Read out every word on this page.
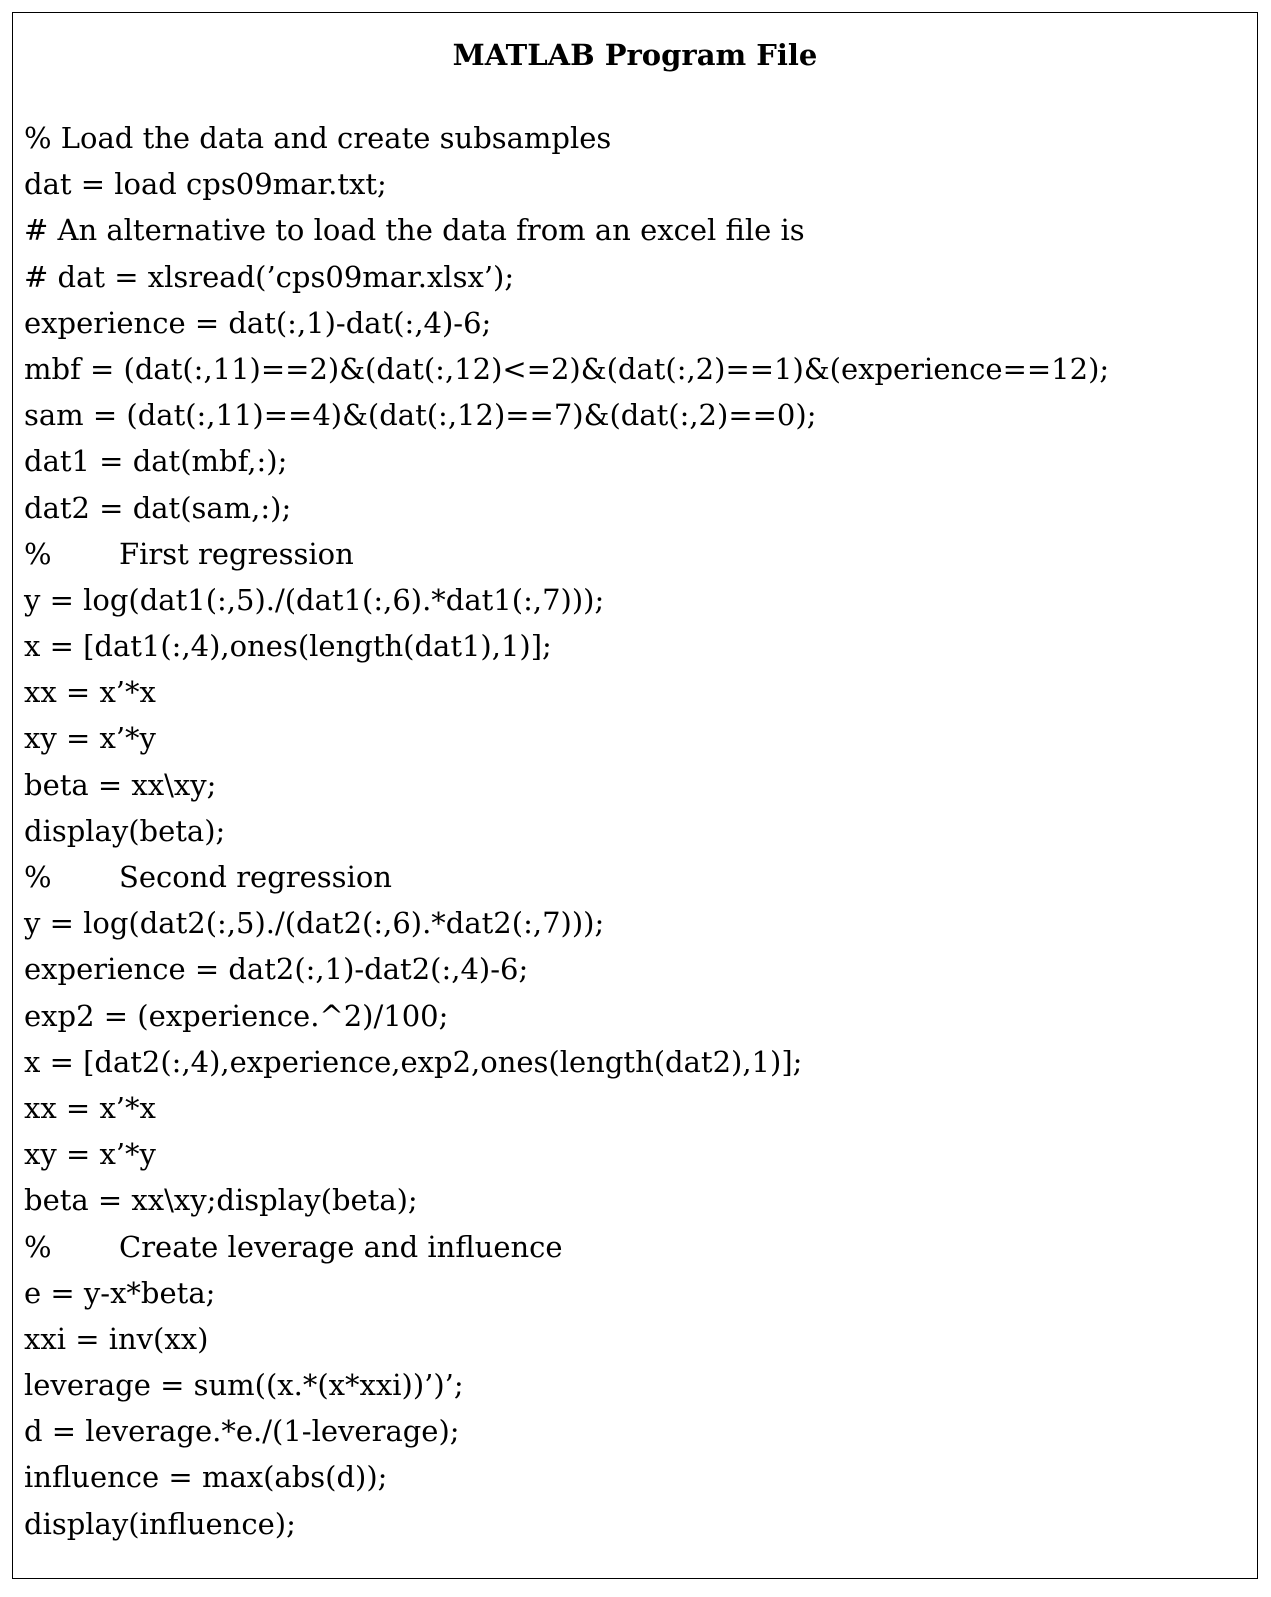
MATLAB Program File
% Load the data and create subsamples
dat = load cps09mar.txt;
# An alternative to load the data from an excel file is
# dat = xlsread(’cps09mar.xlsx’);
experience = dat(:,1)-dat(:,4)-6;
mbf = (dat(:,11)==2)&(dat(:,12)<=2)&(dat(:,2)==1)&(experience==12);
sam = (dat(:,11)==4)&(dat(:,12)==7)&(dat(:,2)==0);
dat1 = dat(mbf,:);
dat2 = dat(sam,:);
% First regression
y = log(dat1(:,5)./(dat1(:,6).*dat1(:,7)));
x = [dat1(:,4),ones(length(dat1),1)];
xx = x’*x
xy = x’*y
beta = xx\xy;
display(beta);
% Second regression
y = log(dat2(:,5)./(dat2(:,6).*dat2(:,7)));
experience = dat2(:,1)-dat2(:,4)-6;
exp2 = (experience.^2)/100;
x = [dat2(:,4),experience,exp2,ones(length(dat2),1)];
xx = x’*x
xy = x’*y
beta = xx\xy;display(beta);
% Create leverage and influence
e = y-x*beta;
xxi = inv(xx)
leverage = sum((x.*(x*xxi))’)’;
d = leverage.*e./(1-leverage);
influence = max(abs(d));
display(influence);
